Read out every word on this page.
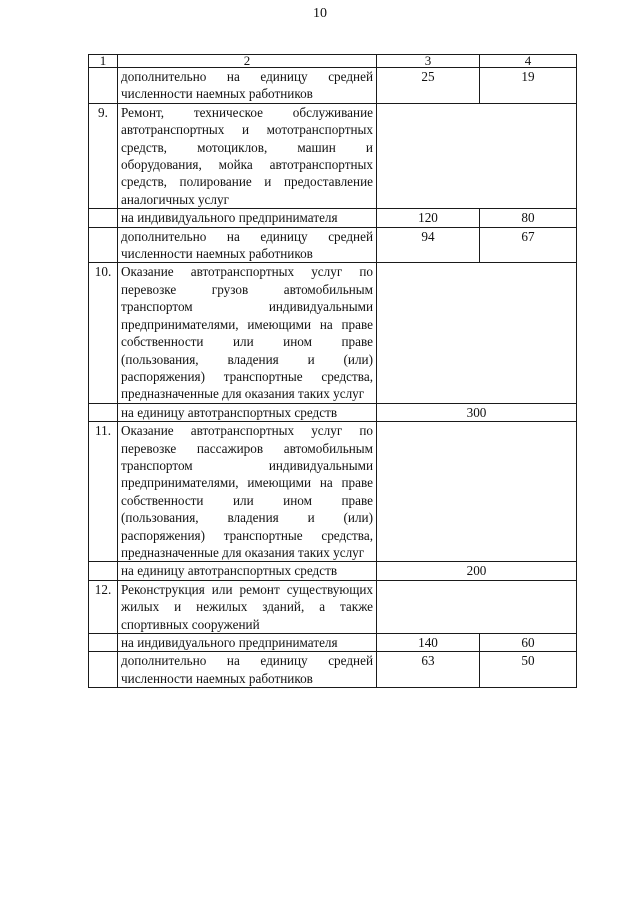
10
1	2	3	4
	дополнительно на единицу средней численности наемных работников	25	19
9.	Ремонт, техническое обслуживание автотранспортных и мототранспортных средств, мотоциклов, машин и оборудования, мойка автотранспортных средств, полирование и предоставление аналогичных услуг		
	на индивидуального предпринимателя	120	80
	дополнительно на единицу средней численности наемных работников	94	67
10.	Оказание автотранспортных услуг по перевозке грузов автомобильным транспортом индивидуальными предпринимателями, имеющими на праве собственности или ином праве (пользования, владения и (или) распоряжения) транспортные средства, предназначенные для оказания таких услуг		
	на единицу автотранспортных средств	300	
11.	Оказание автотранспортных услуг по перевозке пассажиров автомобильным транспортом индивидуальными предпринимателями, имеющими на праве собственности или ином праве (пользования, владения и (или) распоряжения) транспортные средства, предназначенные для оказания таких услуг		
	на единицу автотранспортных средств	200	
12.	Реконструкция или ремонт существующих жилых и нежилых зданий, а также спортивных сооружений		
	на индивидуального предпринимателя	140	60
	дополнительно на единицу средней численности наемных работников	63	50
